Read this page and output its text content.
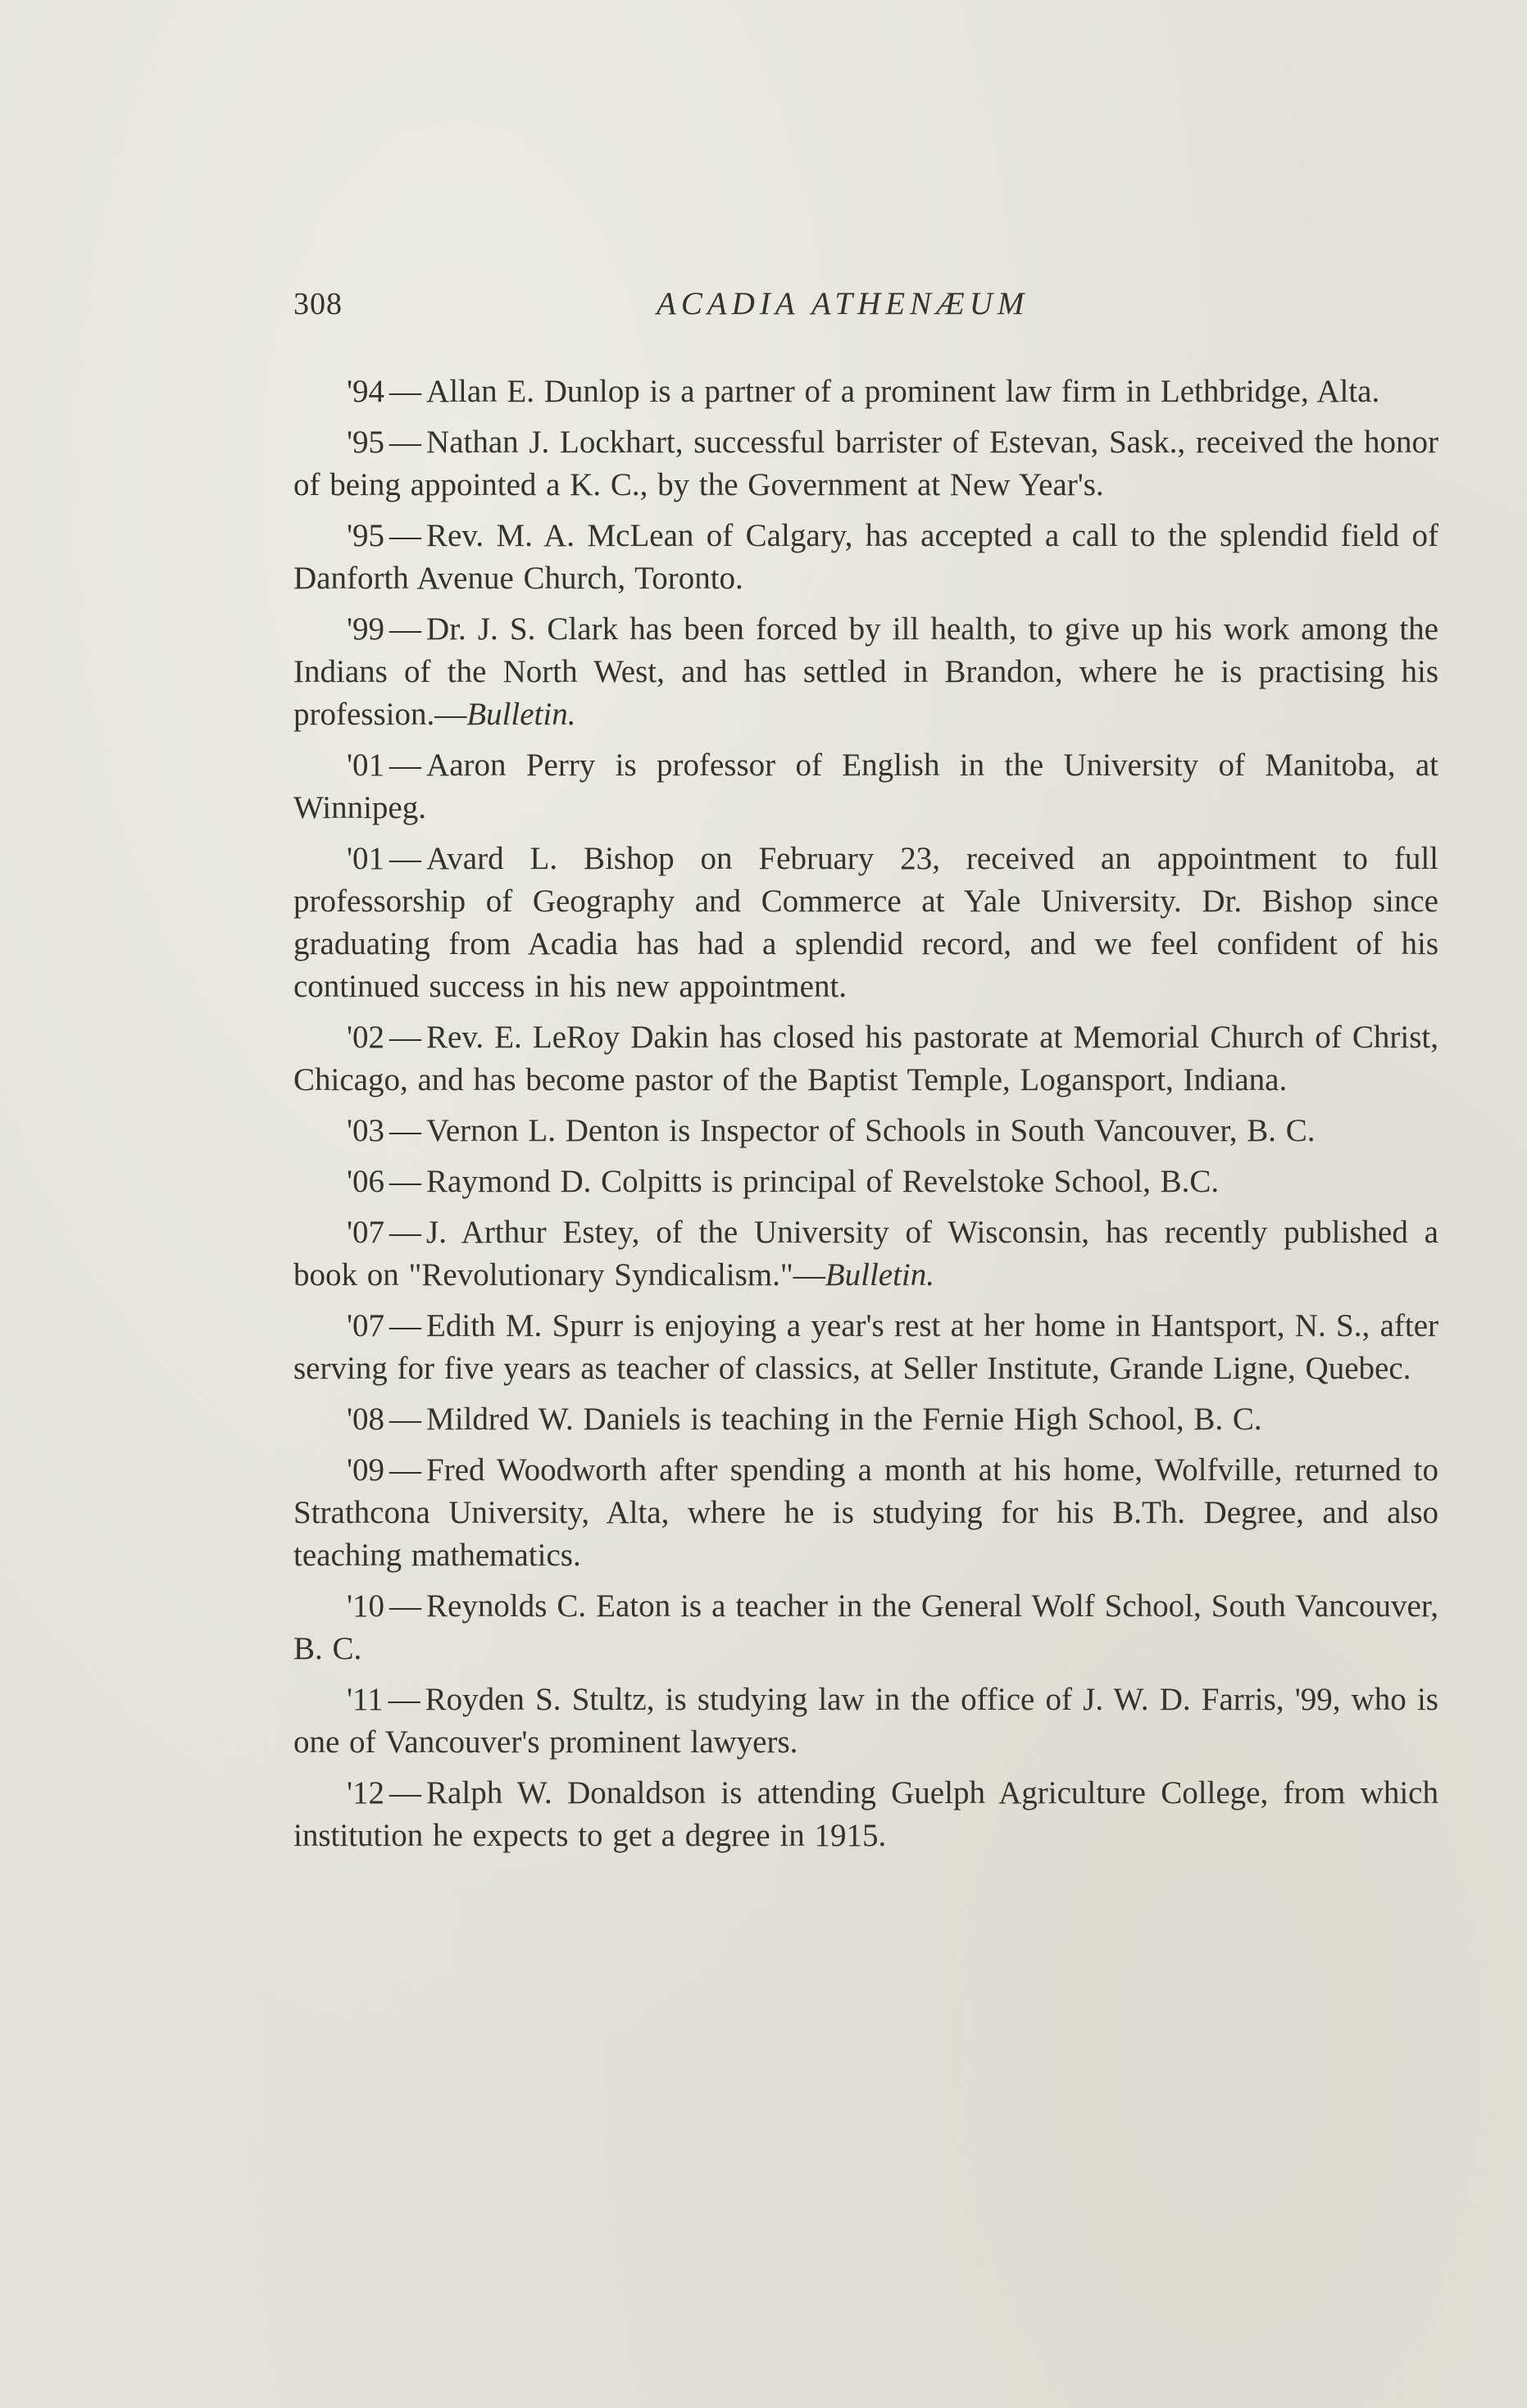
308	ACADIA ATHENÆUM

'94 — Allan E. Dunlop is a partner of a prominent law firm in Lethbridge, Alta.

'95 — Nathan J. Lockhart, successful barrister of Estevan, Sask., received the honor of being appointed a K. C., by the Government at New Year's.

'95 — Rev. M. A. McLean of Calgary, has accepted a call to the splendid field of Danforth Avenue Church, Toronto.

'99 — Dr. J. S. Clark has been forced by ill health, to give up his work among the Indians of the North West, and has settled in Brandon, where he is practising his profession.—Bulletin.

'01 — Aaron Perry is professor of English in the University of Manitoba, at Winnipeg.

'01 — Avard L. Bishop on February 23, received an appointment to full professorship of Geography and Commerce at Yale University. Dr. Bishop since graduating from Acadia has had a splendid record, and we feel confident of his continued success in his new appointment.

'02 — Rev. E. LeRoy Dakin has closed his pastorate at Memorial Church of Christ, Chicago, and has become pastor of the Baptist Temple, Logansport, Indiana.

'03 — Vernon L. Denton is Inspector of Schools in South Vancouver, B. C.

'06 — Raymond D. Colpitts is principal of Revelstoke School, B.C.

'07 — J. Arthur Estey, of the University of Wisconsin, has recently published a book on "Revolutionary Syndicalism."—Bulletin.

'07 — Edith M. Spurr is enjoying a year's rest at her home in Hantsport, N. S., after serving for five years as teacher of classics, at Seller Institute, Grande Ligne, Quebec.

'08 — Mildred W. Daniels is teaching in the Fernie High School, B. C.

'09 — Fred Woodworth after spending a month at his home, Wolfville, returned to Strathcona University, Alta, where he is studying for his B.Th. Degree, and also teaching mathematics.

'10 — Reynolds C. Eaton is a teacher in the General Wolf School, South Vancouver, B. C.

'11 — Royden S. Stultz, is studying law in the office of J. W. D. Farris, '99, who is one of Vancouver's prominent lawyers.

'12 — Ralph W. Donaldson is attending Guelph Agriculture College, from which institution he expects to get a degree in 1915.
